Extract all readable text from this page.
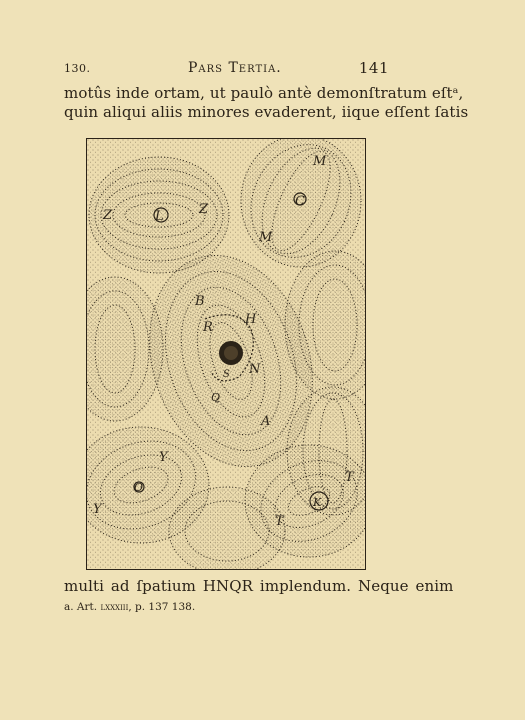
130.	Pars Tertia.	141
motûs inde ortam, ut paulò antè demonſtratum eſtᵃ,
quin aliqui aliis minores evaderent, iique eſſent ſatis
Z	L	Z
M
C
M
B
R
H
S N
Q
A
Y
O
Y
T
K
T
multi ad ſpatium HNQR implendum. Neque enim
a. Art. lxxxiii, p. 137 138.
